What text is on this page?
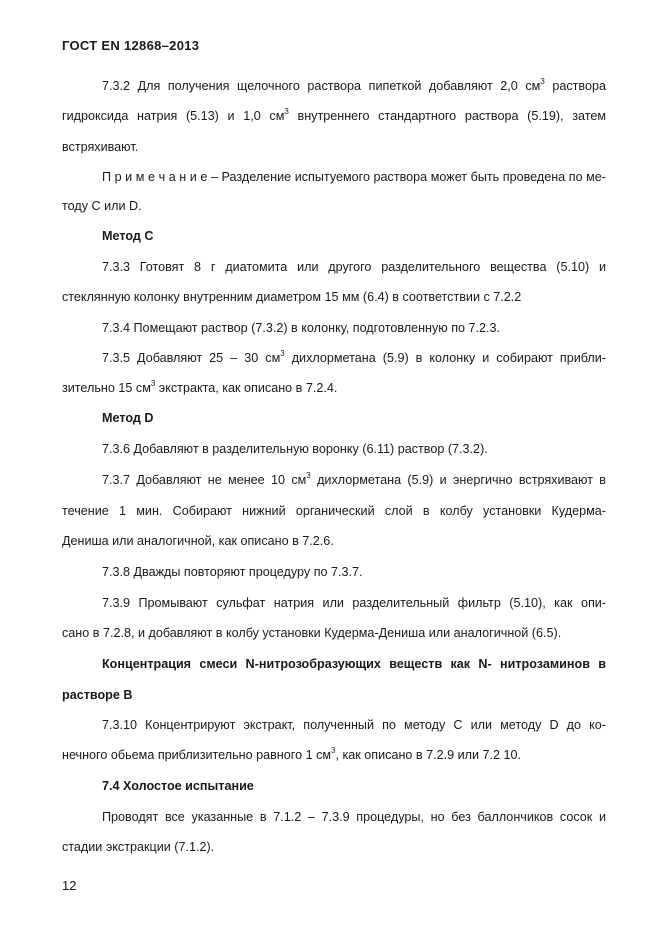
ГОСТ EN 12868–2013
7.3.2 Для получения щелочного раствора пипеткой добавляют 2,0 $см^3$ раствора
гидроксида натрия (5.13) и 1,0 $см^3$ внутреннего стандартного раствора (5.19), затем
встряхивают.
П р и м е ч а н и е – Разделение испытуемого раствора может быть проведена по ме-
тоду С или D.
Метод С
7.3.3 Готовят 8 г диатомита или другого разделительного вещества (5.10) и
стеклянную колонку внутренним диаметром 15 мм (6.4) в соответствии с 7.2.2
7.3.4 Помещают раствор (7.3.2) в колонку, подготовленную по 7.2.3.
7.3.5 Добавляют 25 – 30 $см^3$ дихлорметана (5.9) в колонку и собирают прибли-
зительно 15 $см^3$ экстракта, как описано в 7.2.4.
Метод D
7.3.6 Добавляют в разделительную воронку (6.11) раствор (7.3.2).
7.3.7 Добавляют не менее 10 $см^3$ дихлорметана (5.9) и энергично встряхивают в
течение 1 мин. Собирают нижний органический слой в колбу установки Кудерма-
Дениша или аналогичной, как описано в 7.2.6.
7.3.8 Дважды повторяют процедуру по 7.3.7.
7.3.9 Промывают сульфат натрия или разделительный фильтр (5.10), как опи-
сано в 7.2.8, и добавляют в колбу установки Кудерма-Дениша или аналогичной (6.5).
Концентрация смеси N-нитрозобразующих веществ как N- нитрозаминов в
растворе В
7.3.10 Концентрируют экстракт, полученный по методу С или методу D до ко-
нечного обьема приблизительно равного 1 $см^3$, как описано в 7.2.9 или 7.2 10.
7.4 Холостое испытание
Проводят все указанные в 7.1.2 – 7.3.9 процедуры, но без баллончиков сосок и
стадии экстракции (7.1.2).
12
